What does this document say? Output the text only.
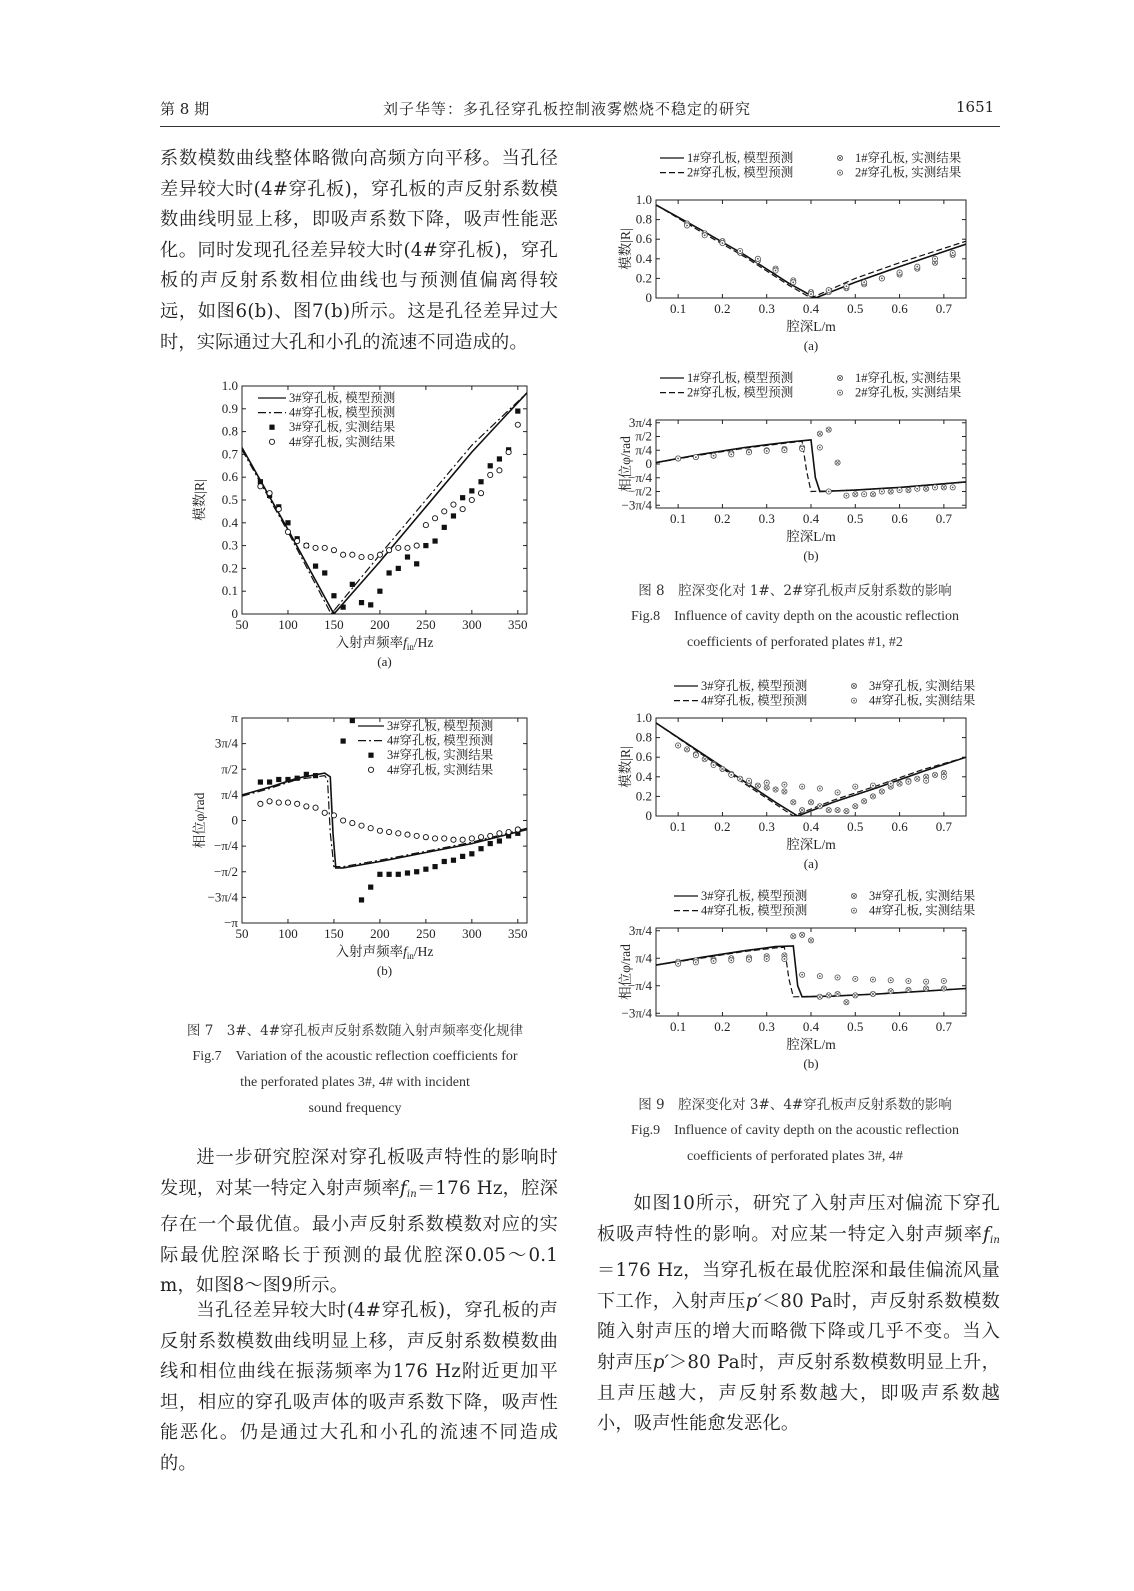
第 8 期	刘子华等：多孔径穿孔板控制液雾燃烧不稳定的研究	1651

系数模数曲线整体略微向高频方向平移。当孔径差异较大时(4#穿孔板)，穿孔板的声反射系数模数曲线明显上移，即吸声系数下降，吸声性能恶化。同时发现孔径差异较大时(4#穿孔板)，穿孔板的声反射系数相位曲线也与预测值偏离得较远，如图6(b)、图7(b)所示。这是孔径差异过大时，实际通过大孔和小孔的流速不同造成的。

进一步研究腔深对穿孔板吸声特性的影响时发现，对某一特定入射声频率$f_{in}=176$ Hz，腔深存在一个最优值。最小声反射系数模数对应的实际最优腔深略长于预测的最优腔深0.05～0.1 m，如图8～图9所示。

当孔径差异较大时(4#穿孔板)，穿孔板的声反射系数模数曲线明显上移，声反射系数模数曲线和相位曲线在振荡频率为176 Hz附近更加平坦，相应的穿孔吸声体的吸声系数下降，吸声性能恶化。仍是通过大孔和小孔的流速不同造成的。

如图10所示，研究了入射声压对偏流下穿孔板吸声特性的影响。对应某一特定入射声频率$f_{in}=176$ Hz，当穿孔板在最优腔深和最佳偏流风量下工作，入射声压p′＜80 Pa时，声反射系数模数随入射声压的增大而略微下降或几乎不变。当入射声压p′＞80 Pa时，声反射系数模数明显上升，且声压越大，声反射系数越大，即吸声系数越小，吸声性能愈发恶化。

50 100 150 200 250 300 350
0
0.1
0.2
0.3
0.4
0.5
0.6
0.7
0.8
0.9
1.0
入射声频率$f_{in}/Hz$
模数|R|
(a)
3#穿孔板, 模型预测
4#穿孔板, 模型预测
3#穿孔板, 实测结果
4#穿孔板, 实测结果
50 100 150 200 250 300 350
π
3π/4
π/2
π/4
0
−π/4
−π/2
−3π/4
−π
入射声频率$f_{in}/Hz$
相位φ/rad
(b)
3#穿孔板, 模型预测
4#穿孔板, 模型预测
3#穿孔板, 实测结果
4#穿孔板, 实测结果
0.1 0.2 0.3 0.4 0.5 0.6 0.7
0
0.2
0.4
0.6
0.8
1.0
腔深L/m
模数|R|
(a)
1#穿孔板, 模型预测
2#穿孔板, 模型预测
1#穿孔板, 实测结果
2#穿孔板, 实测结果
0.1 0.2 0.3 0.4 0.5 0.6 0.7
3π/4
π/2
π/4
0
−π/4
−π/2
−3π/4
腔深L/m
相位φ/rad
(b)
1#穿孔板, 模型预测
2#穿孔板, 模型预测
1#穿孔板, 实测结果
2#穿孔板, 实测结果
0.1 0.2 0.3 0.4 0.5 0.6 0.7
0
0.2
0.4
0.6
0.8
1.0
腔深L/m
模数|R|
(a)
3#穿孔板, 模型预测
4#穿孔板, 模型预测
3#穿孔板, 实测结果
4#穿孔板, 实测结果
0.1 0.2 0.3 0.4 0.5 0.6 0.7
3π/4
π/4
−π/4
−3π/4
腔深L/m
相位φ/rad
(b)
3#穿孔板, 模型预测
4#穿孔板, 模型预测
3#穿孔板, 实测结果
4#穿孔板, 实测结果
图 7　3#、4#穿孔板声反射系数随入射声频率变化规律
Fig.7　Variation of the acoustic reflection coefficients for
the perforated plates 3#, 4# with incident
sound frequency
图 8　腔深变化对 1#、2#穿孔板声反射系数的影响
Fig.8　Influence of cavity depth on the acoustic reflection
coefficients of perforated plates #1, #2
图 9　腔深变化对 3#、4#穿孔板声反射系数的影响
Fig.9　Influence of cavity depth on the acoustic reflection
coefficients of perforated plates 3#, 4#
